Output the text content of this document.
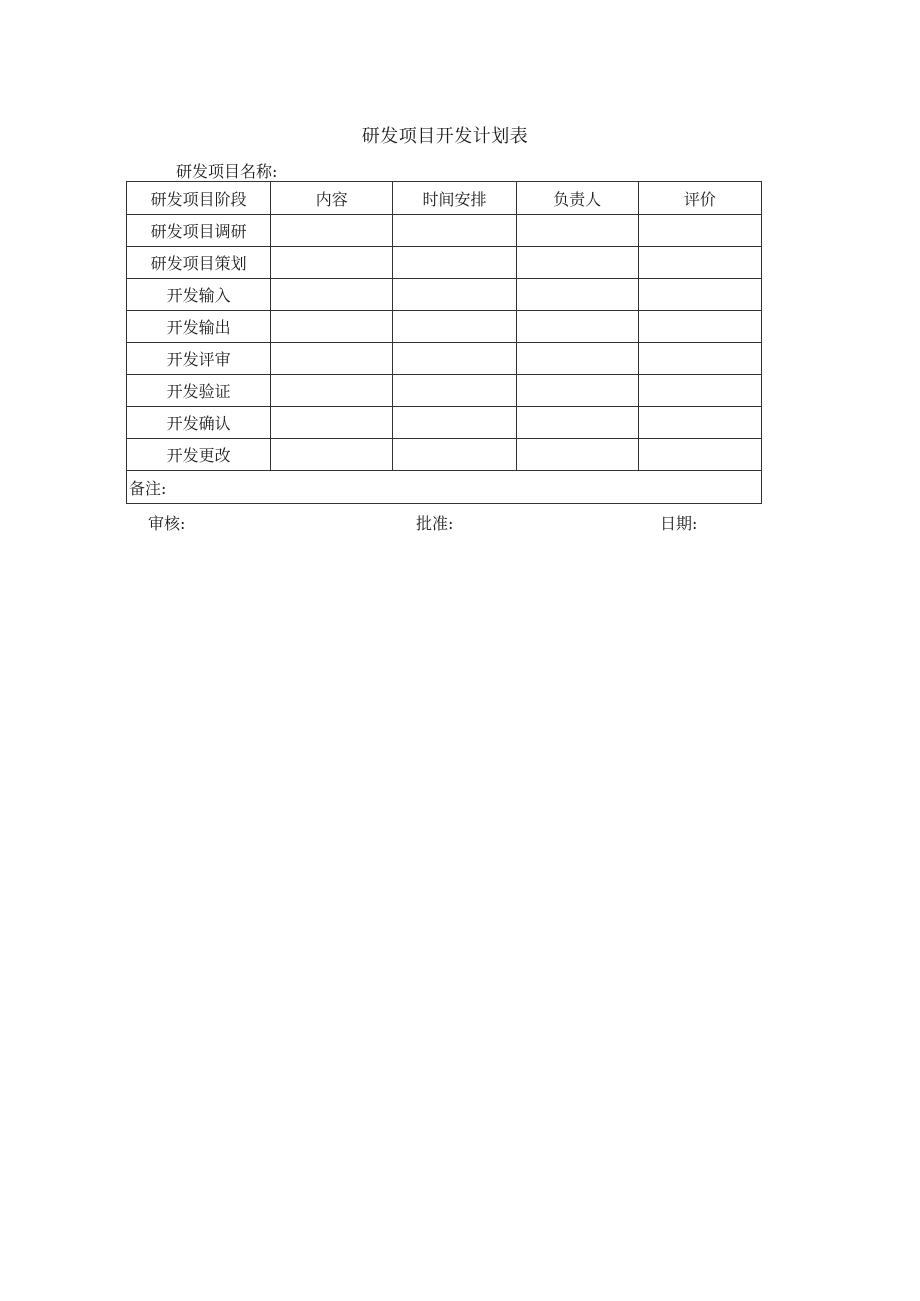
研发项目开发计划表
研发项目名称:
研发项目阶段	内容	时间安排	负责人	评价
研发项目调研				
研发项目策划				
开发输入				
开发输出				
开发评审				
开发验证				
开发确认				
开发更改				
备注:				
审核:	批准:	日期:
